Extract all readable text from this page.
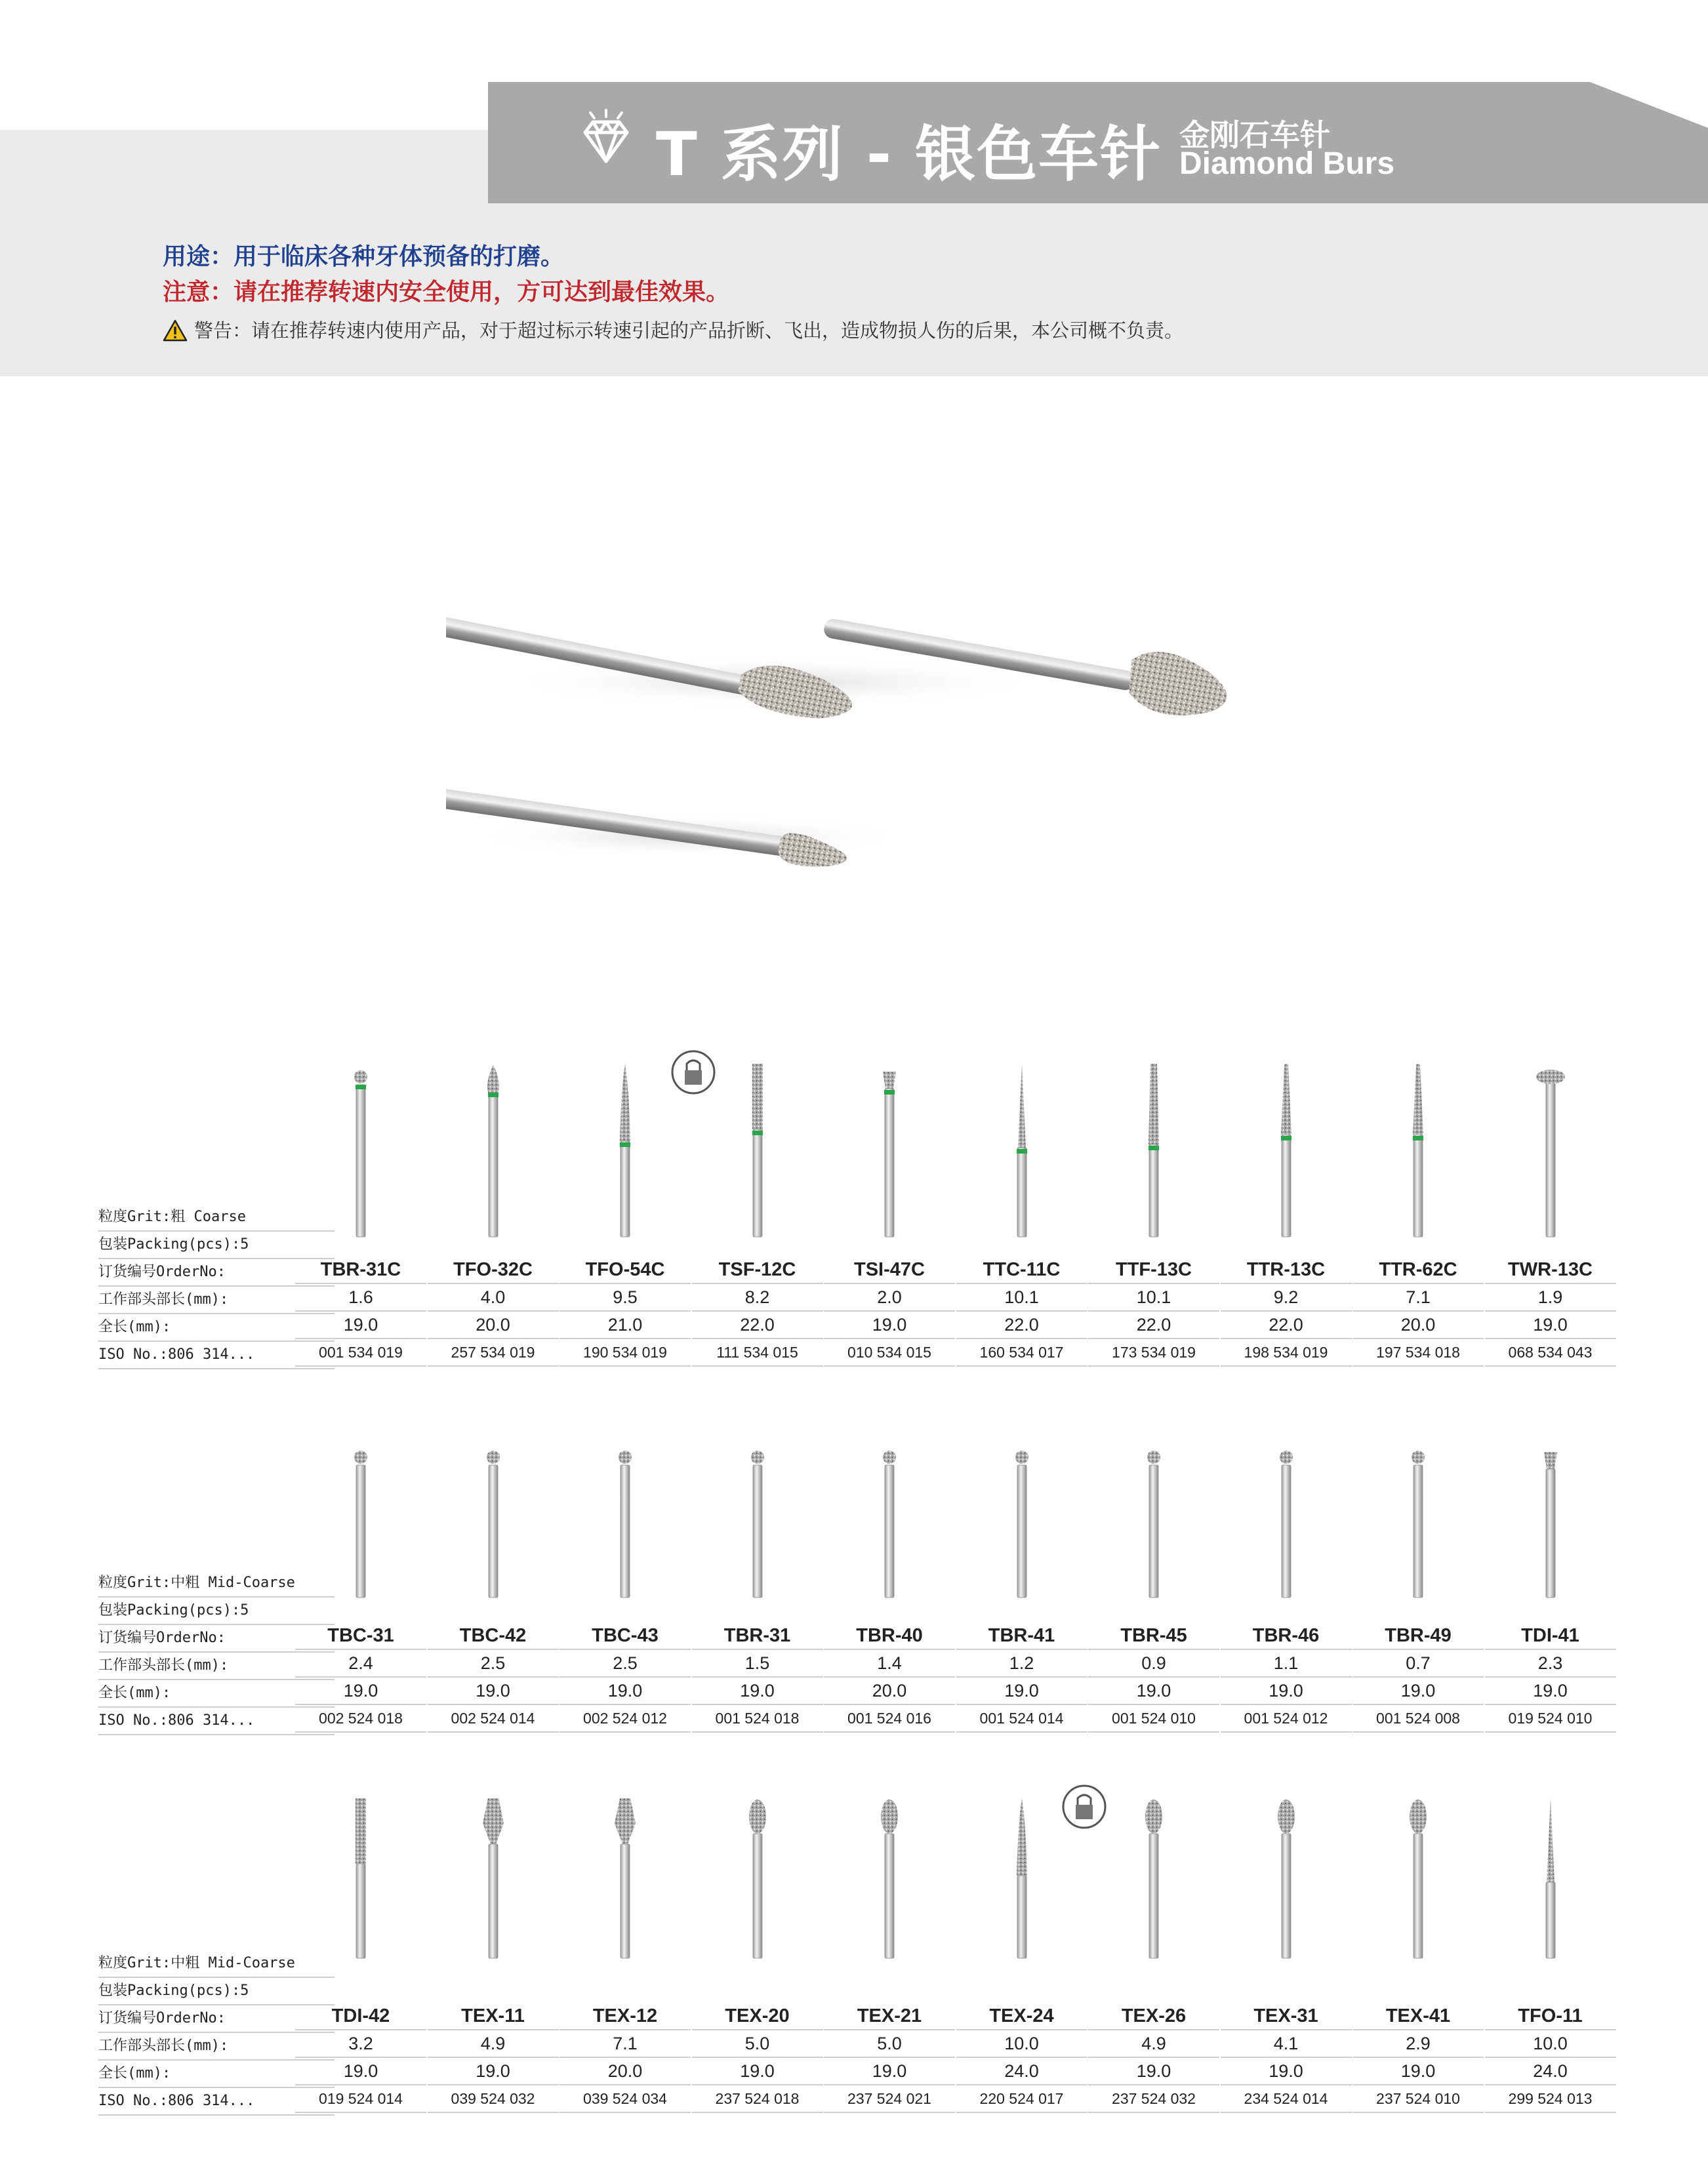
T 系列 - 银色车针 金刚石车针
Diamond Burs
用途：用于临床各种牙体预备的打磨。
注意：请在推荐转速内安全使用，方可达到最佳效果。
警告：请在推荐转速内使用产品，对于超过标示转速引起的产品折断、飞出，造成物损人伤的后果，本公司概不负责。
粒度Grit:粗 Coarse
包装Packing(pcs):5
订货编号OrderNo:
工作部头部长(mm):
全长(mm):
ISO No.:806 314...
TBR-31C
1.6
19.0
001 534 019
TFO-32C
4.0
20.0
257 534 019
TFO-54C
9.5
21.0
190 534 019
TSF-12C
8.2
22.0
111 534 015
TSI-47C
2.0
19.0
010 534 015
TTC-11C
10.1
22.0
160 534 017
TTF-13C
10.1
22.0
173 534 019
TTR-13C
9.2
22.0
198 534 019
TTR-62C
7.1
20.0
197 534 018
TWR-13C
1.9
19.0
068 534 043
粒度Grit:中粗 Mid-Coarse
包装Packing(pcs):5
订货编号OrderNo:
工作部头部长(mm):
全长(mm):
ISO No.:806 314...
TBC-31
2.4
19.0
002 524 018
TBC-42
2.5
19.0
002 524 014
TBC-43
2.5
19.0
002 524 012
TBR-31
1.5
19.0
001 524 018
TBR-40
1.4
20.0
001 524 016
TBR-41
1.2
19.0
001 524 014
TBR-45
0.9
19.0
001 524 010
TBR-46
1.1
19.0
001 524 012
TBR-49
0.7
19.0
001 524 008
TDI-41
2.3
19.0
019 524 010
粒度Grit:中粗 Mid-Coarse
包装Packing(pcs):5
订货编号OrderNo:
工作部头部长(mm):
全长(mm):
ISO No.:806 314...
TDI-42
3.2
19.0
019 524 014
TEX-11
4.9
19.0
039 524 032
TEX-12
7.1
20.0
039 524 034
TEX-20
5.0
19.0
237 524 018
TEX-21
5.0
19.0
237 524 021
TEX-24
10.0
24.0
220 524 017
TEX-26
4.9
19.0
237 524 032
TEX-31
4.1
19.0
234 524 014
TEX-41
2.9
19.0
237 524 010
TFO-11
10.0
24.0
299 524 013
